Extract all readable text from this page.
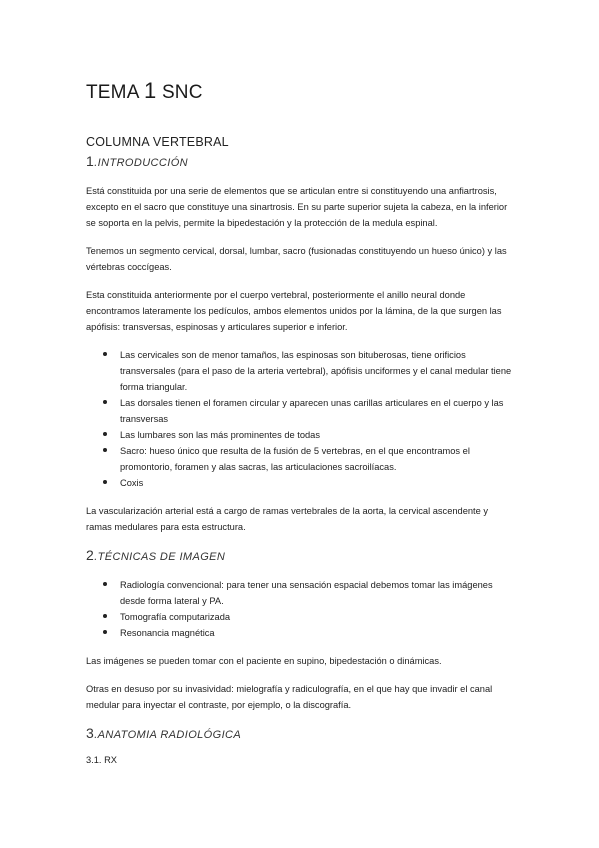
TEMA 1 SNC
COLUMNA VERTEBRAL
1.INTRODUCCIÓN

Está constituida por una serie de elementos que se articulan entre si constituyendo una anfiartrosis, excepto en el sacro que constituye una sinartrosis. En su parte superior sujeta la cabeza, en la inferior se soporta en la pelvis, permite la bipedestación y la protección de la medula espinal.

Tenemos un segmento cervical, dorsal, lumbar, sacro (fusionadas constituyendo un hueso único) y las vértebras coccígeas.

Esta constituida anteriormente por el cuerpo vertebral, posteriormente el anillo neural donde encontramos lateramente los pedículos, ambos elementos unidos por la lámina, de la que surgen las apófisis: transversas, espinosas y articulares superior e inferior.

Las cervicales son de menor tamaños, las espinosas son bituberosas, tiene orificios transversales (para el paso de la arteria vertebral), apófisis unciformes y el canal medular tiene forma triangular.
Las dorsales tienen el foramen circular y aparecen unas carillas articulares en el cuerpo y las transversas
Las lumbares son las más prominentes de todas
Sacro: hueso único que resulta de la fusión de 5 vertebras, en el que encontramos el promontorio, foramen y alas sacras, las articulaciones sacroilíacas.
Coxis

La vascularización arterial está a cargo de ramas vertebrales de la aorta, la cervical ascendente y ramas medulares para esta estructura.

2.TÉCNICAS DE IMAGEN
Radiología convencional: para tener una sensación espacial debemos tomar las imágenes desde forma lateral y PA.
Tomografía computarizada
Resonancia magnética

Las imágenes se pueden tomar con el paciente en supino, bipedestación o dinámicas.

Otras en desuso por su invasividad: mielografía y radiculografía, en el que hay que invadir el canal medular para inyectar el contraste, por ejemplo, o la discografía.

3.ANATOMIA RADIOLÓGICA
3.1. RX
